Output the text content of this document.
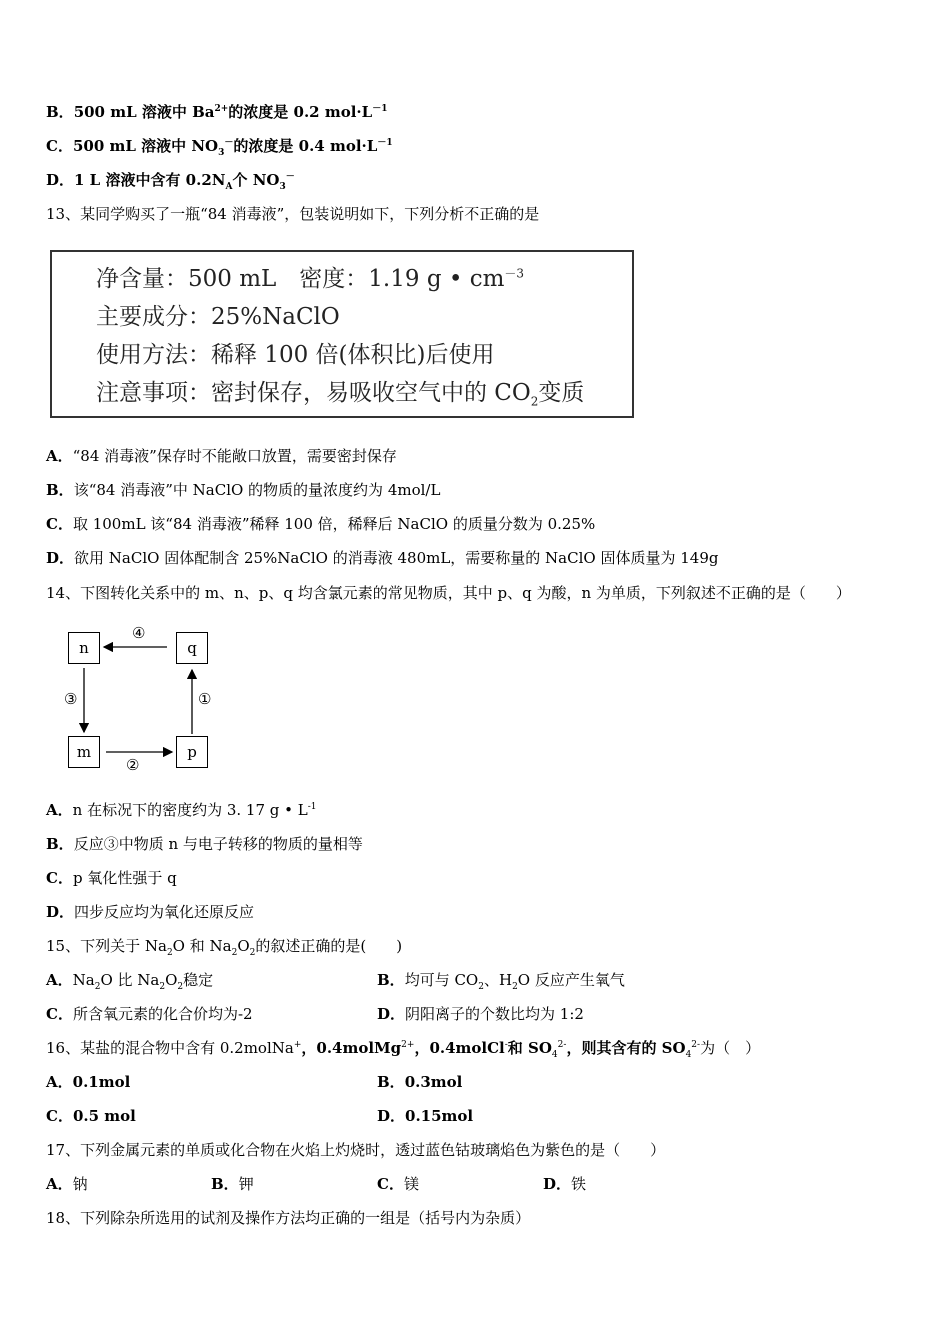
B．500 mL 溶液中 $Ba^{2+}$的浓度是 0.2 $mol\cdot L^{-1}$
C．500 mL 溶液中 $NO_3^-$的浓度是 0.4 $mol\cdot L^{-1}$
D．1 L 溶液中含有 $0.2N_A$个 $NO_3^-$
13、某同学购买了一瓶“84 消毒液”，包装说明如下，下列分析不正确的是
净含量：500 mL　密度：1.19 g • $cm^{-3}$
主要成分：25%NaClO
使用方法：稀释 100 倍(体积比)后使用
注意事项：密封保存，易吸收空气中的 $CO_2$变质
A．“84 消毒液”保存时不能敞口放置，需要密封保存
B．该“84 消毒液”中 NaClO 的物质的量浓度约为 4mol/L
C．取 100mL 该“84 消毒液”稀释 100 倍，稀释后 NaClO 的质量分数为 0.25%
D．欲用 NaClO 固体配制含 25%NaClO 的消毒液 480mL，需要称量的 NaClO 固体质量为 149g
14、下图转化关系中的 m、n、p、q 均含氯元素的常见物质，其中 p、q 为酸，n 为单质，下列叙述不正确的是（　　）
n	q
m	p
④
③	①
②
A．n 在标况下的密度约为 3. 17 g • $L^{-1}$
B．反应③中物质 n 与电子转移的物质的量相等
C．p 氧化性强于 q
D．四步反应均为氧化还原反应
15、下列关于 $Na_2O$ 和 $Na_2O_2$的叙述正确的是(　　)
A．$Na_2O$ 比 $Na_2O_2$稳定	B．均可与 $CO_2$、$H_2O$ 反应产生氧气
C．所含氧元素的化合价均为-2	D．阴阳离子的个数比均为 1:2
16、某盐的混合物中含有 0.2molNa+，0.4molMg$^{2+}$，0.4molCl-和 $SO_4^{2-}$，则其含有的 $SO_4^{2-}$为（　）
A．0.1mol	B．0.3mol
C．0.5 mol	D．0.15mol
17、下列金属元素的单质或化合物在火焰上灼烧时，透过蓝色钴玻璃焰色为紫色的是（　　）
A．钠	B．钾	C．镁	D．铁
18、下列除杂所选用的试剂及操作方法均正确的一组是（括号内为杂质）
